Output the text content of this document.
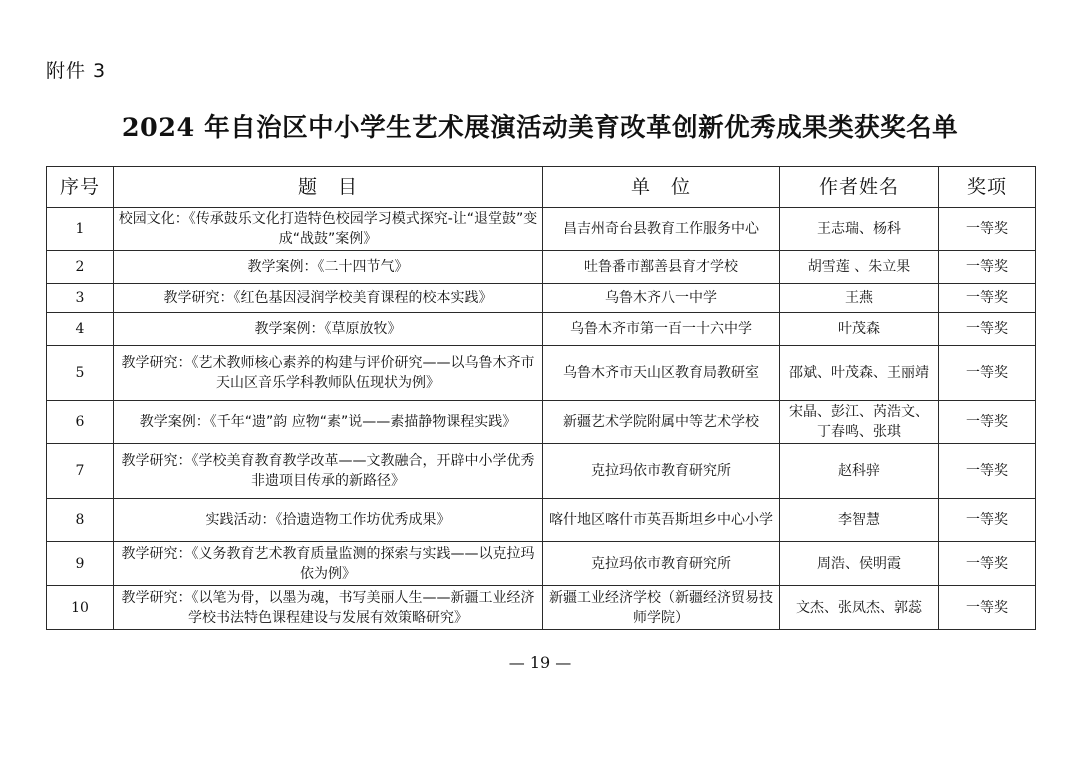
附件 3
2024 年自治区中小学生艺术展演活动美育改革创新优秀成果类获奖名单
序号	题　目	单　位	作者姓名	奖项
1	校园文化：《传承鼓乐文化打造特色校园学习模式探究-让“退堂鼓”变成“战鼓”案例》	昌吉州奇台县教育工作服务中心	王志瑞、杨科	一等奖
2	教学案例：《二十四节气》	吐鲁番市鄯善县育才学校	胡雪莲 、朱立果	一等奖
3	教学研究：《红色基因浸润学校美育课程的校本实践》	乌鲁木齐八一中学	王燕	一等奖
4	教学案例：《草原放牧》	乌鲁木齐市第一百一十六中学	叶茂森	一等奖
5	教学研究：《艺术教师核心素养的构建与评价研究——以乌鲁木齐市天山区音乐学科教师队伍现状为例》	乌鲁木齐市天山区教育局教研室	邵斌、叶茂森、王丽靖	一等奖
6	教学案例：《千年“遗”韵 应物“素”说——素描静物课程实践》	新疆艺术学院附属中等艺术学校	宋晶、彭江、芮浩文、丁春鸣、张琪	一等奖
7	教学研究：《学校美育教育教学改革——文教融合，开辟中小学优秀非遗项目传承的新路径》	克拉玛依市教育研究所	赵科骍	一等奖
8	实践活动：《拾遗造物工作坊优秀成果》	喀什地区喀什市英吾斯坦乡中心小学	李智慧	一等奖
9	教学研究：《义务教育艺术教育质量监测的探索与实践——以克拉玛依为例》	克拉玛依市教育研究所	周浩、侯明霞	一等奖
10	教学研究：《以笔为骨，以墨为魂，书写美丽人生——新疆工业经济学校书法特色课程建设与发展有效策略研究》	新疆工业经济学校（新疆经济贸易技师学院）	文杰、张凤杰、郭蕊	一等奖
— 19 —
